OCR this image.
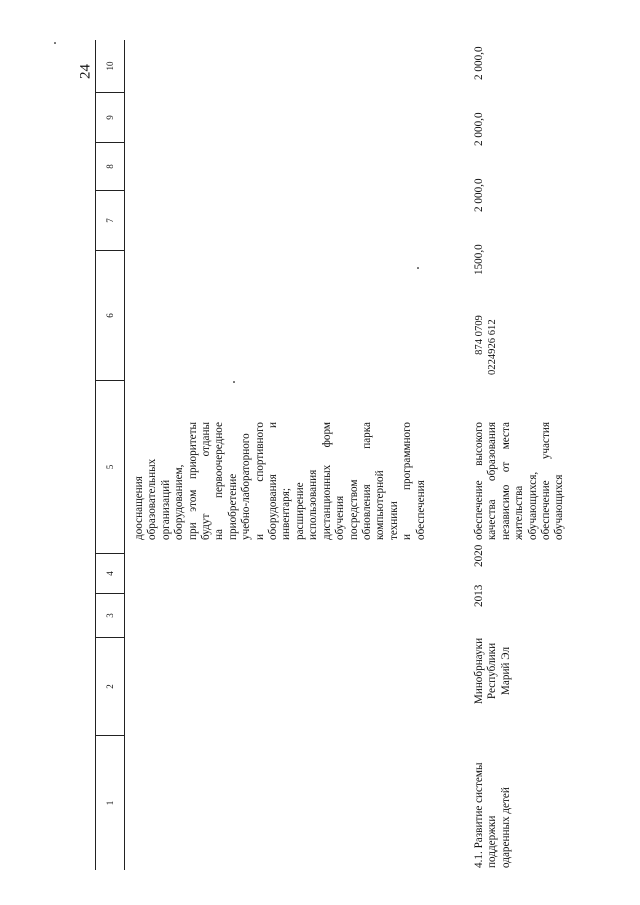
24
1
2
3
4
5
6
7
8
9
10
дооснащения образовательных организаций оборудованием, при этом приоритеты будут отданы на первоочередное приобретение учебно-лабораторного и спортивного оборудования и инвентаря; расширение использования дистанционных форм обучения посредством обновления парка компьютерной техники и программного обеспечения
4.1. Развитие системы поддержки одаренных детей
Минобрнауки Республики Марий Эл
2013
2020
обеспечение высокого качества образования независимо от места жительства обучающихся, обеспечение участия обучающихся
874 0709 0224926 612
1500,0
2 000,0
2 000,0
2 000,0
